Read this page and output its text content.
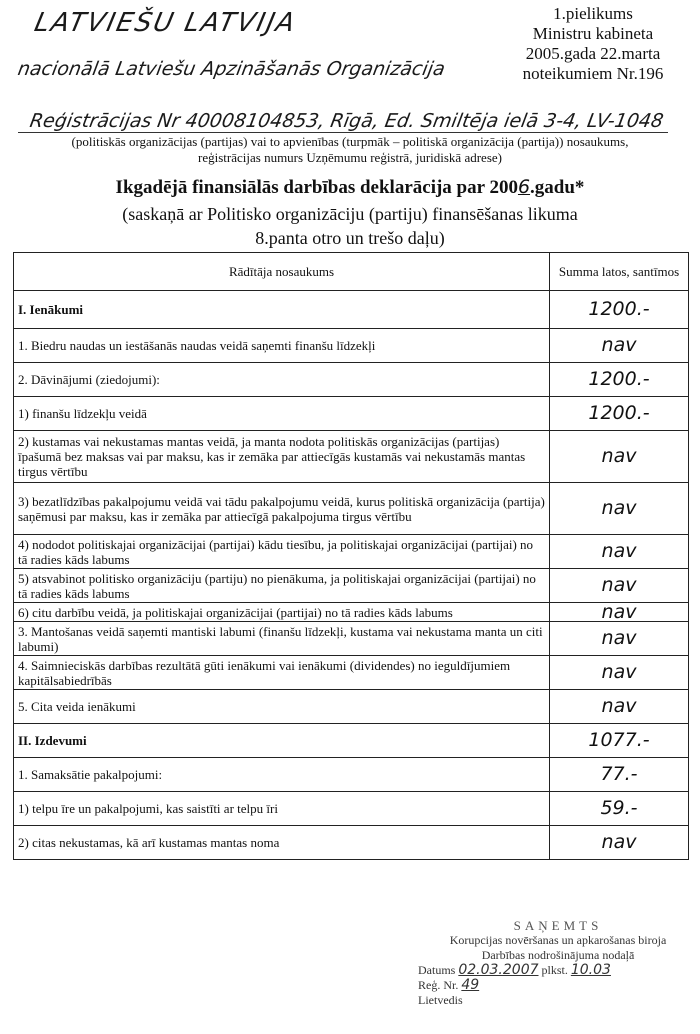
1.pielikums
Ministru kabineta
2005.gada 22.marta
noteikumiem Nr.196
LATVIEŠU LATVIJA
nacionālā Latviešu Apzināšanās Organizācija
Reģistrācijas Nr 40008104853, Rīgā, Ed. Smiltēja ielā 3-4, LV-1048
(politiskās organizācijas (partijas) vai to apvienības (turpmāk – politiskā organizācija (partija)) nosaukums, reģistrācijas numurs Uzņēmumu reģistrā, juridiskā adrese)
Ikgadējā finansiālās darbības deklarācija par 2006.gadu*
(saskaņā ar Politisko organizāciju (partiju) finansēšanas likuma
8.panta otro un trešo daļu)
Rādītāja nosaukums	Summa latos, santīmos
I. Ienākumi	1200.-
1. Biedru naudas un iestāšanās naudas veidā saņemti finanšu līdzekļi	nav
2. Dāvinājumi (ziedojumi):	1200.-
1) finanšu līdzekļu veidā	1200.-
2) kustamas vai nekustamas mantas veidā, ja manta nodota politiskās organizācijas (partijas) īpašumā bez maksas vai par maksu, kas ir zemāka par attiecīgās kustamās vai nekustamās mantas tirgus vērtību	nav
3) bezatlīdzības pakalpojumu veidā vai tādu pakalpojumu veidā, kurus politiskā organizācija (partija) saņēmusi par maksu, kas ir zemāka par attiecīgā pakalpojuma tirgus vērtību	nav
4) nododot politiskajai organizācijai (partijai) kādu tiesību, ja politiskajai organizācijai (partijai) no tā radies kāds labums	nav
5) atsvabinot politisko organizāciju (partiju) no pienākuma, ja politiskajai organizācijai (partijai) no tā radies kāds labums	nav
6) citu darbību veidā, ja politiskajai organizācijai (partijai) no tā radies kāds labums	nav
3. Mantošanas veidā saņemti mantiski labumi (finanšu līdzekļi, kustama vai nekustama manta un citi labumi)	nav
4. Saimnieciskās darbības rezultātā gūti ienākumi vai ienākumi (dividendes) no ieguldījumiem kapitālsabiedrībās	nav
5. Cita veida ienākumi	nav
II. Izdevumi	1077.-
1. Samaksātie pakalpojumi:	77.-
1) telpu īre un pakalpojumi, kas saistīti ar telpu īri	59.-
2) citas nekustamas, kā arī kustamas mantas noma	nav
SAŅEMTS
Korupcijas novēršanas un apkarošanas biroja
Darbības nodrošinājuma nodaļā
Datums 02.03.2007 plkst. 10.03
Reģ. Nr. 49
Lietvedis
